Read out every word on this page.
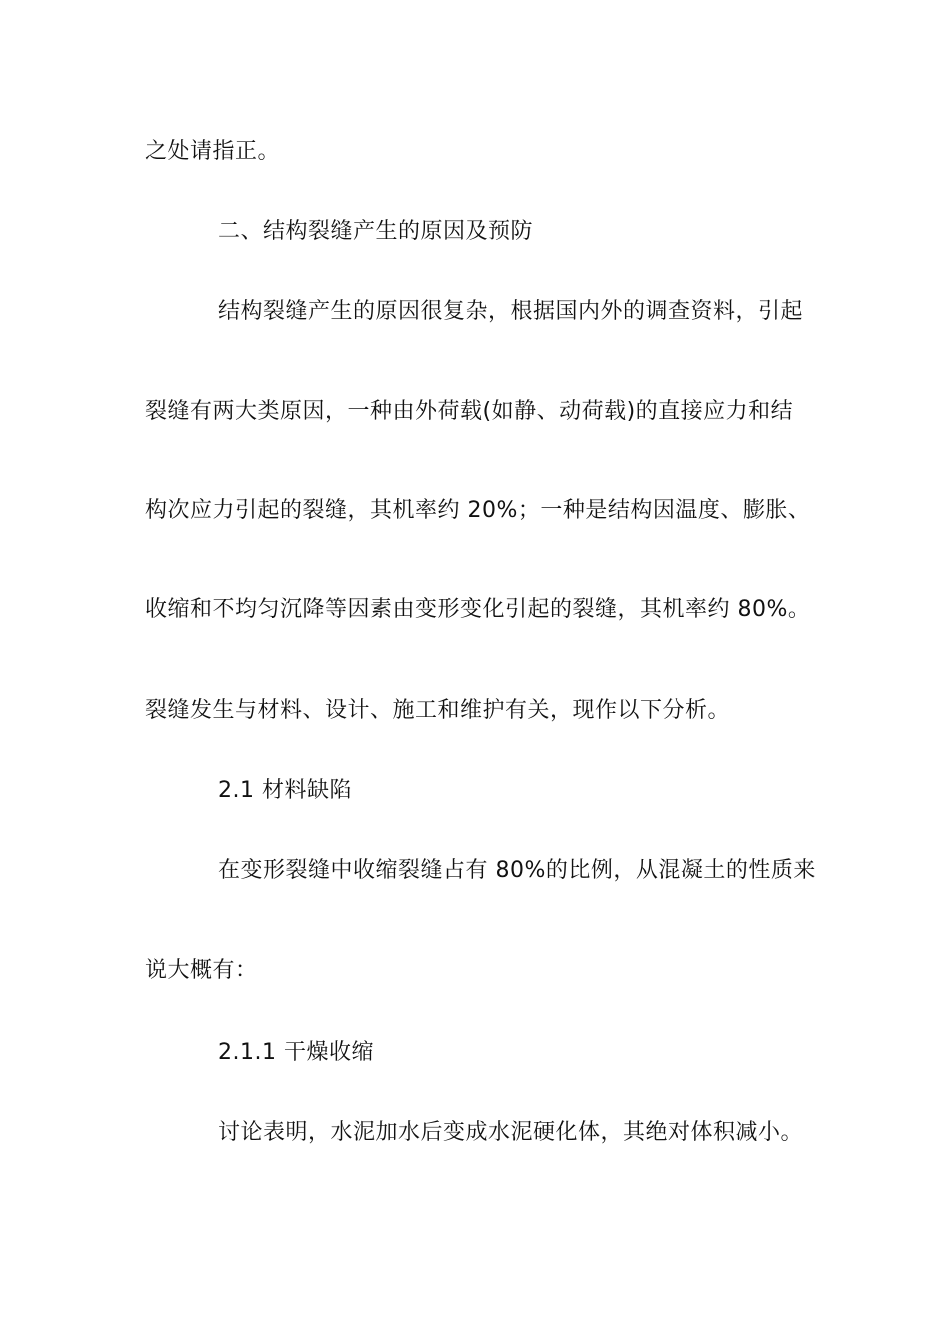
之处请指正。
二、结构裂缝产生的原因及预防
结构裂缝产生的原因很复杂，根据国内外的调查资料，引起
裂缝有两大类原因，一种由外荷载(如静、动荷载)的直接应力和结
构次应力引起的裂缝，其机率约 20%；一种是结构因温度、膨胀、
收缩和不均匀沉降等因素由变形变化引起的裂缝，其机率约 80%。
裂缝发生与材料、设计、施工和维护有关，现作以下分析。
2.1 材料缺陷
在变形裂缝中收缩裂缝占有 80%的比例，从混凝土的性质来
说大概有：
2.1.1 干燥收缩
讨论表明，水泥加水后变成水泥硬化体，其绝对体积减小。
